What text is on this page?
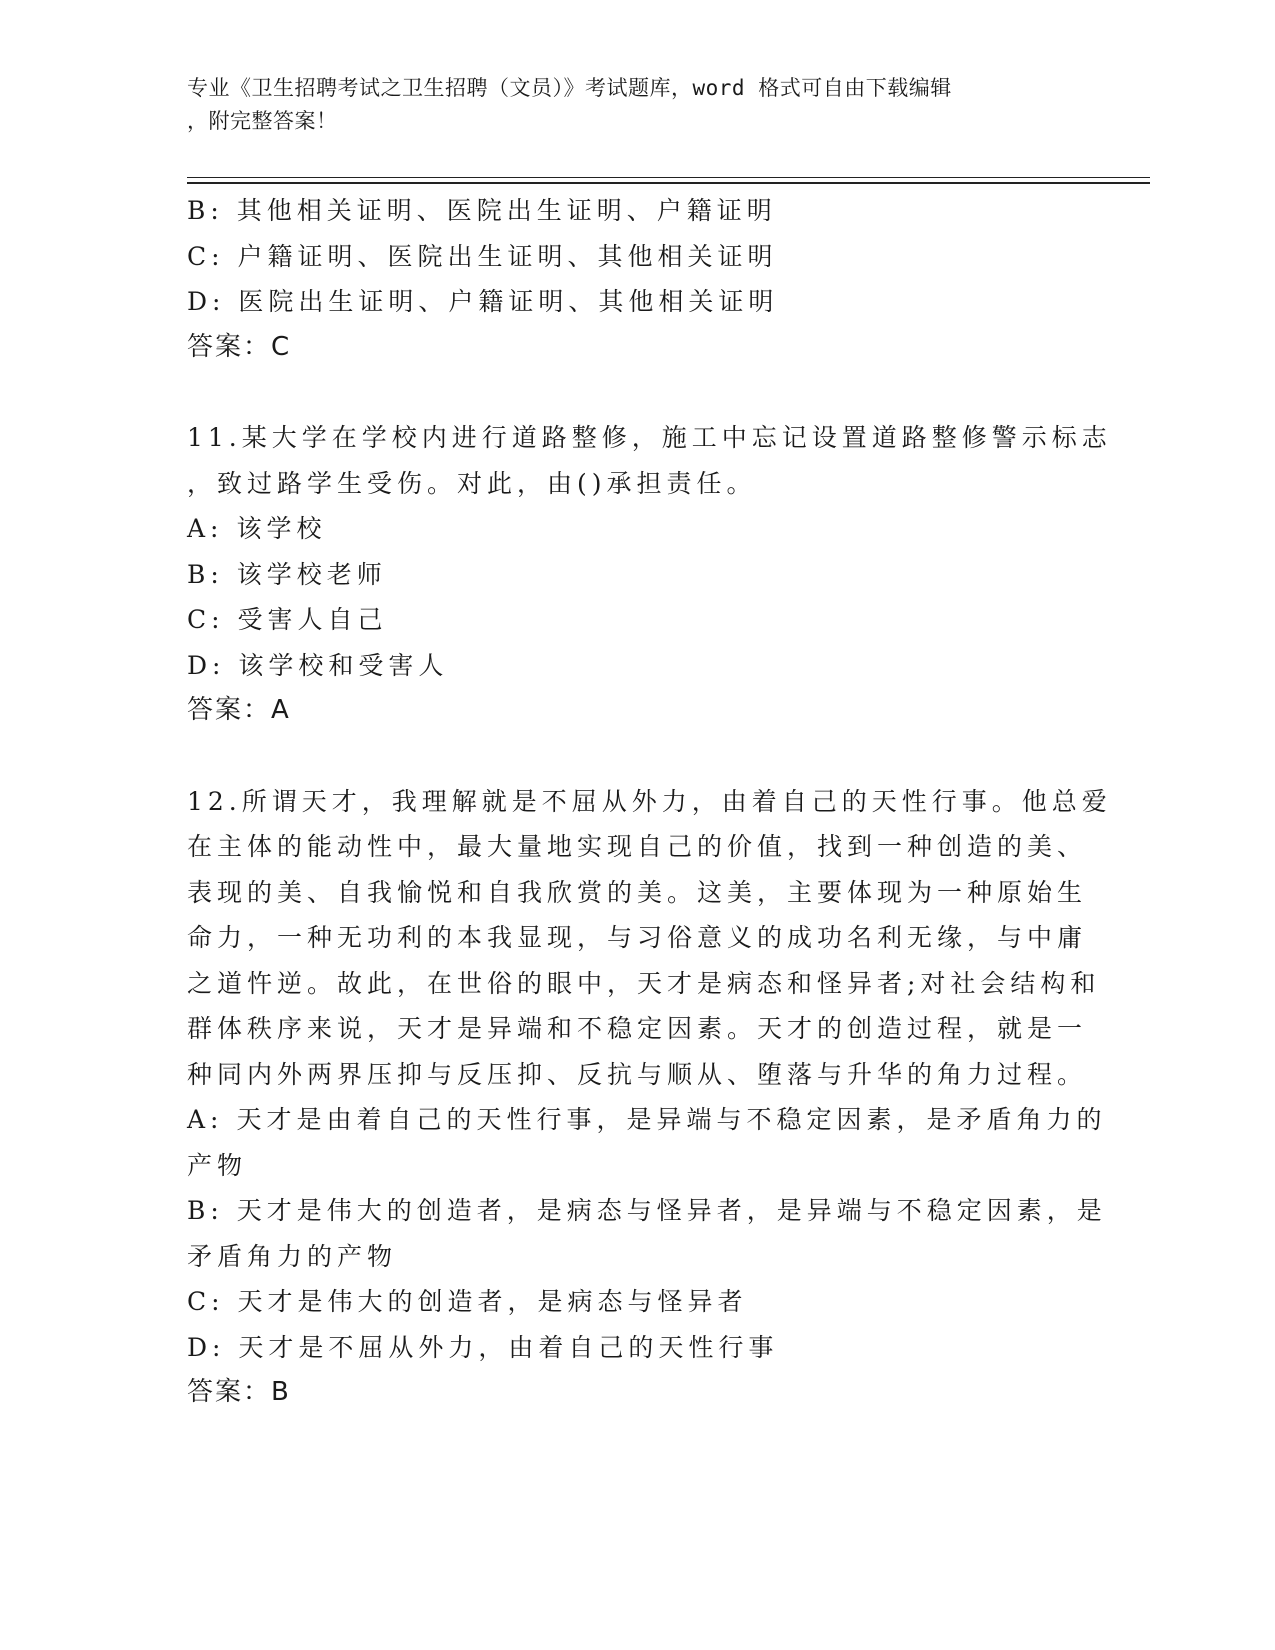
专业《卫生招聘考试之卫生招聘（文员）》考试题库，word 格式可自由下载编辑
，附完整答案！
B: 其他相关证明、医院出生证明、户籍证明
C: 户籍证明、医院出生证明、其他相关证明
D: 医院出生证明、户籍证明、其他相关证明
答案：C
11.某大学在学校内进行道路整修，施工中忘记设置道路整修警示标志
，致过路学生受伤。对此，由()承担责任。
A: 该学校
B: 该学校老师
C: 受害人自己
D: 该学校和受害人
答案：A
12.所谓天才，我理解就是不屈从外力，由着自己的天性行事。他总爱
在主体的能动性中，最大量地实现自己的价值，找到一种创造的美、
表现的美、自我愉悦和自我欣赏的美。这美，主要体现为一种原始生
命力，一种无功利的本我显现，与习俗意义的成功名利无缘，与中庸
之道忤逆。故此，在世俗的眼中，天才是病态和怪异者;对社会结构和
群体秩序来说，天才是异端和不稳定因素。天才的创造过程，就是一
种同内外两界压抑与反压抑、反抗与顺从、堕落与升华的角力过程。
A: 天才是由着自己的天性行事，是异端与不稳定因素，是矛盾角力的
产物
B: 天才是伟大的创造者，是病态与怪异者，是异端与不稳定因素，是
矛盾角力的产物
C: 天才是伟大的创造者，是病态与怪异者
D: 天才是不屈从外力，由着自己的天性行事
答案：B
